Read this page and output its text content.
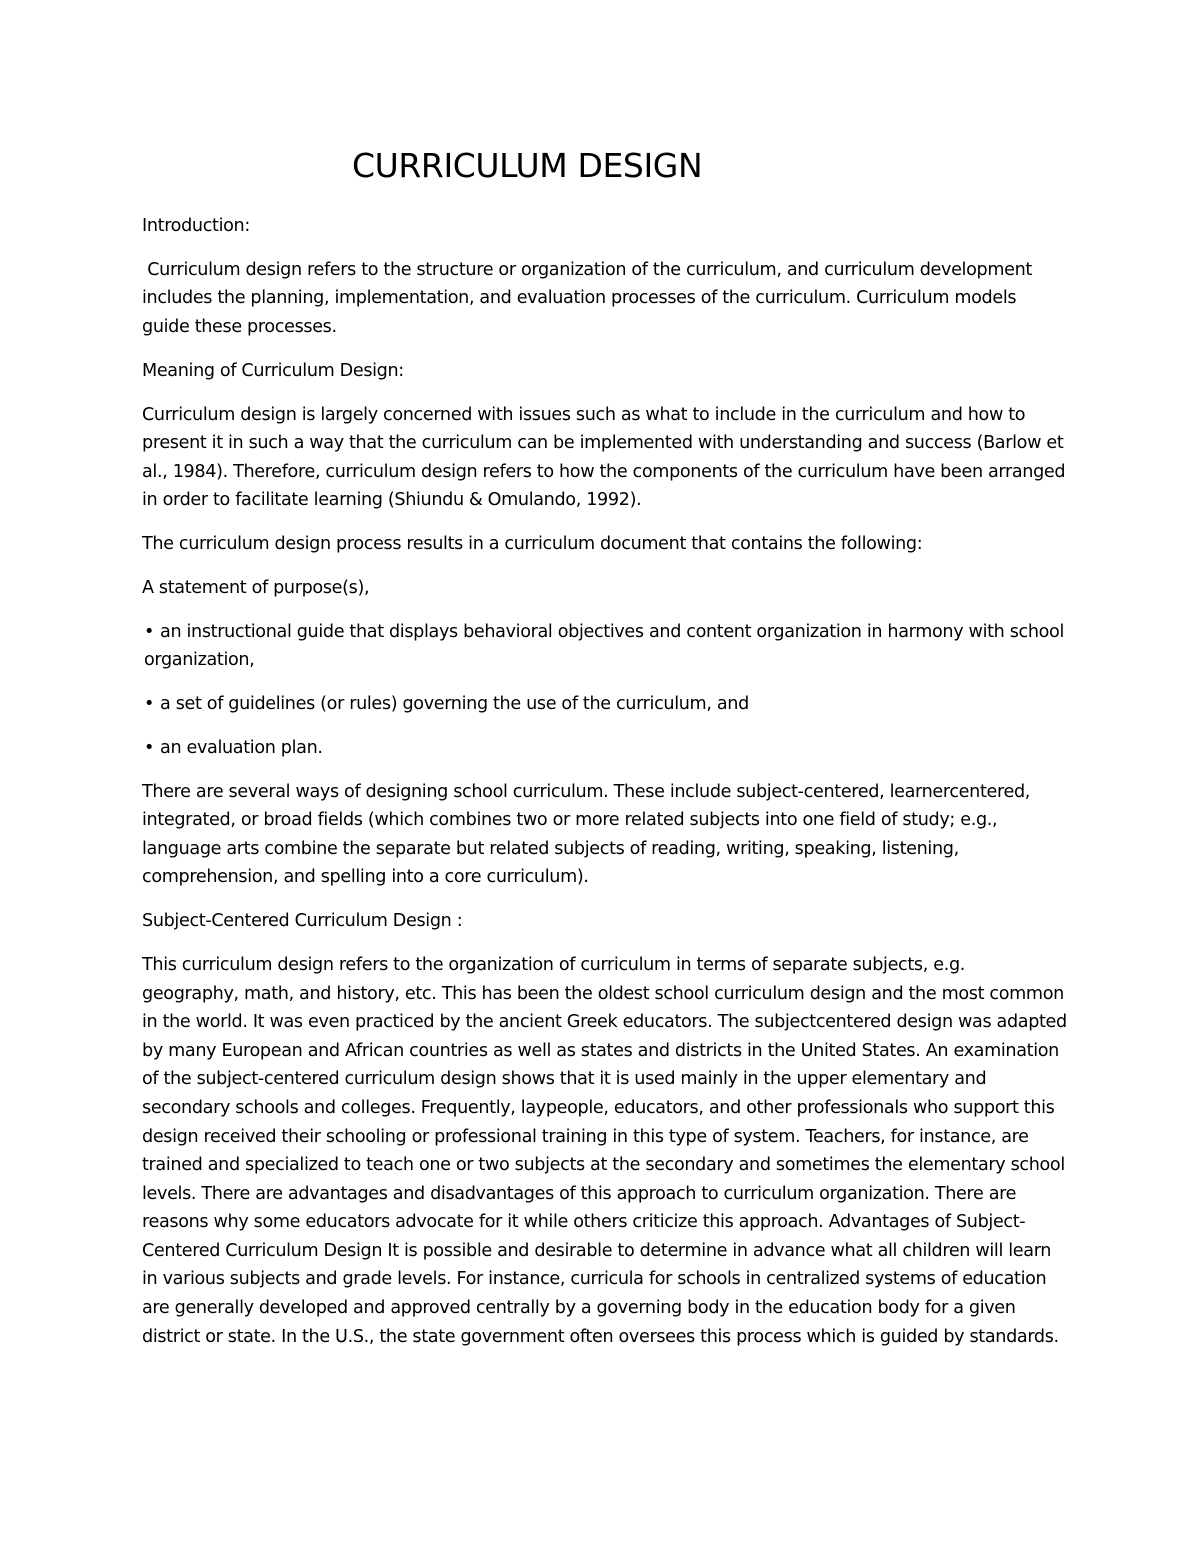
CURRICULUM DESIGN

Introduction:

Curriculum design refers to the structure or organization of the curriculum, and curriculum development includes the planning, implementation, and evaluation processes of the curriculum. Curriculum models guide these processes.

Meaning of Curriculum Design:

Curriculum design is largely concerned with issues such as what to include in the curriculum and how to present it in such a way that the curriculum can be implemented with understanding and success (Barlow et al., 1984). Therefore, curriculum design refers to how the components of the curriculum have been arranged in order to facilitate learning (Shiundu & Omulando, 1992).

The curriculum design process results in a curriculum document that contains the following:

A statement of purpose(s),

• an instructional guide that displays behavioral objectives and content organization in harmony with school organization,

• a set of guidelines (or rules) governing the use of the curriculum, and

• an evaluation plan.

There are several ways of designing school curriculum. These include subject-centered, learnercentered, integrated, or broad fields (which combines two or more related subjects into one field of study; e.g., language arts combine the separate but related subjects of reading, writing, speaking, listening, comprehension, and spelling into a core curriculum).

Subject-Centered Curriculum Design :

This curriculum design refers to the organization of curriculum in terms of separate subjects, e.g. geography, math, and history, etc. This has been the oldest school curriculum design and the most common in the world. It was even practiced by the ancient Greek educators. The subjectcentered design was adapted by many European and African countries as well as states and districts in the United States. An examination of the subject-centered curriculum design shows that it is used mainly in the upper elementary and secondary schools and colleges. Frequently, laypeople, educators, and other professionals who support this design received their schooling or professional training in this type of system. Teachers, for instance, are trained and specialized to teach one or two subjects at the secondary and sometimes the elementary school levels. There are advantages and disadvantages of this approach to curriculum organization. There are reasons why some educators advocate for it while others criticize this approach. Advantages of Subject-Centered Curriculum Design It is possible and desirable to determine in advance what all children will learn in various subjects and grade levels. For instance, curricula for schools in centralized systems of education are generally developed and approved centrally by a governing body in the education body for a given district or state. In the U.S., the state government often oversees this process which is guided by standards.
